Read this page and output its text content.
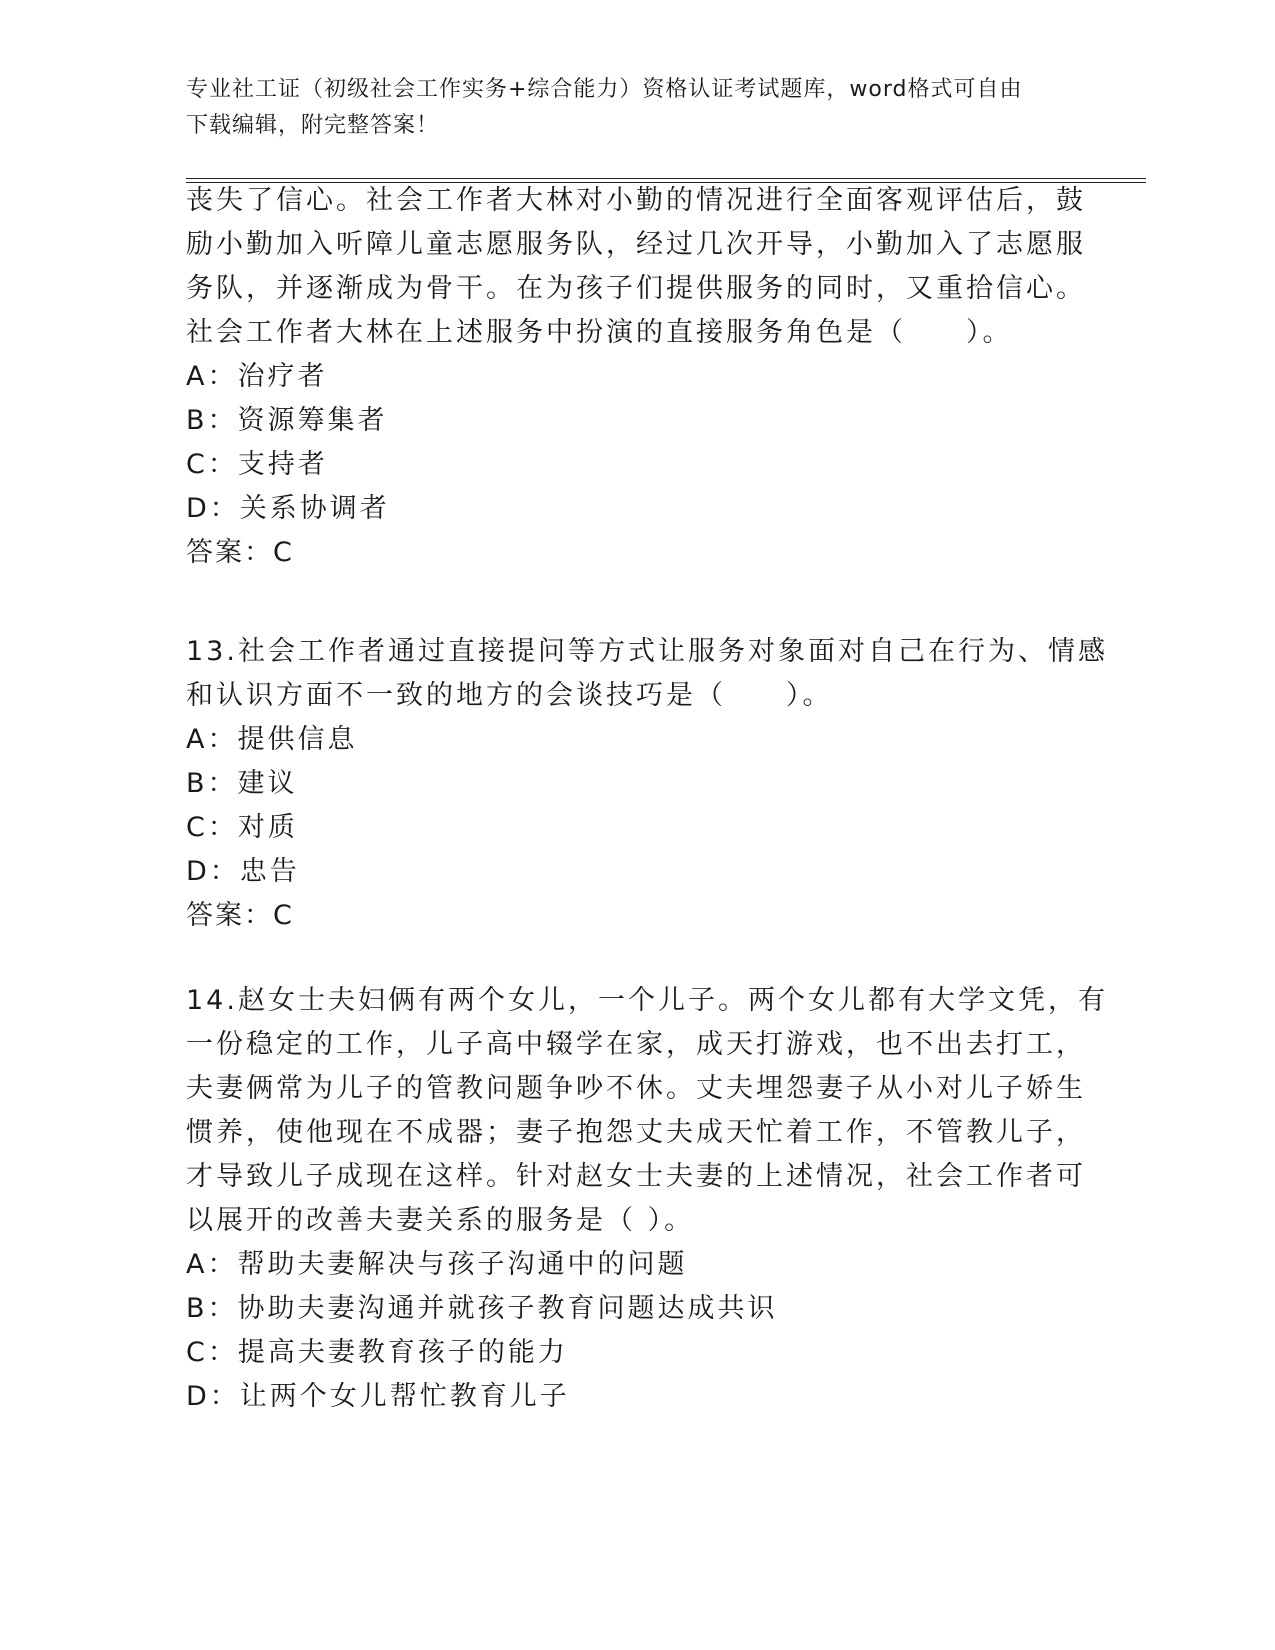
专业社工证（初级社会工作实务+综合能力）资格认证考试题库，word格式可自由
下载编辑，附完整答案！
丧失了信心。社会工作者大林对小勤的情况进行全面客观评估后，鼓
励小勤加入听障儿童志愿服务队，经过几次开导，小勤加入了志愿服
务队，并逐渐成为骨干。在为孩子们提供服务的同时，又重拾信心。
社会工作者大林在上述服务中扮演的直接服务角色是（　　）。
A：治疗者
B：资源筹集者
C：支持者
D：关系协调者
答案：C
13.社会工作者通过直接提问等方式让服务对象面对自己在行为、情感
和认识方面不一致的地方的会谈技巧是（　　）。
A：提供信息
B：建议
C：对质
D：忠告
答案：C
14.赵女士夫妇俩有两个女儿，一个儿子。两个女儿都有大学文凭，有
一份稳定的工作，儿子高中辍学在家，成天打游戏，也不出去打工，
夫妻俩常为儿子的管教问题争吵不休。丈夫埋怨妻子从小对儿子娇生
惯养，使他现在不成器；妻子抱怨丈夫成天忙着工作，不管教儿子，
才导致儿子成现在这样。针对赵女士夫妻的上述情况，社会工作者可
以展开的改善夫妻关系的服务是（ ）。
A：帮助夫妻解决与孩子沟通中的问题
B：协助夫妻沟通并就孩子教育问题达成共识
C：提高夫妻教育孩子的能力
D：让两个女儿帮忙教育儿子
